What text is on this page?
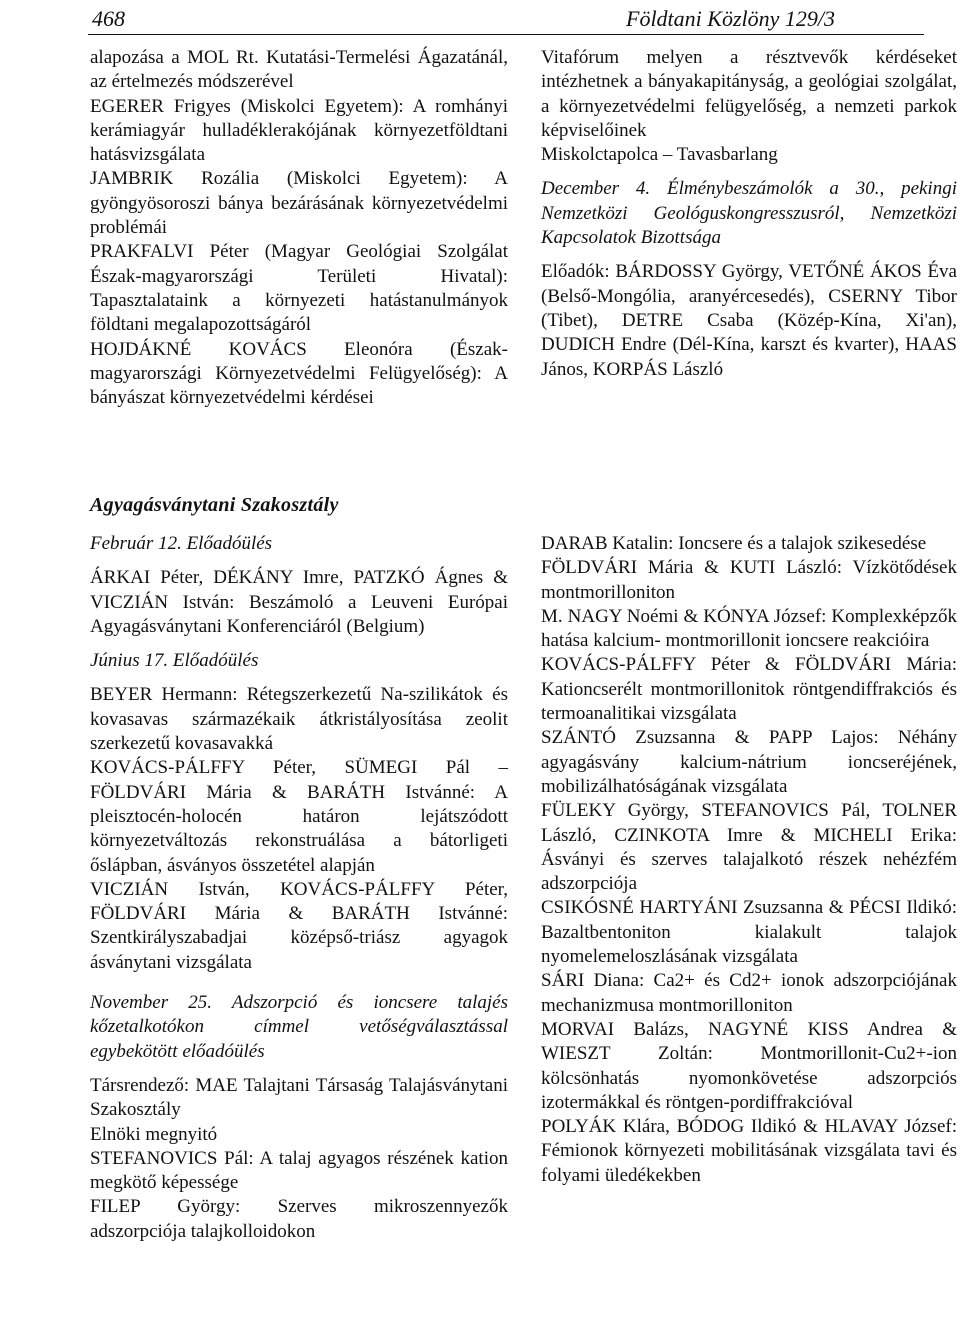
468	Földtani Közlöny 129/3

alapozása a MOL Rt. Kutatási-Termelési Ágazatánál, az értelmezés módszerével

EGERER Frigyes (Miskolci Egyetem): A romhányi kerámiagyár hulladéklerakójának környezetföldtani hatásvizsgálata

JAMBRIK Rozália (Miskolci Egyetem): A gyöngyösoroszi bánya bezárásának környezetvédelmi problémái

PRAKFALVI Péter (Magyar Geológiai Szolgálat Észak-magyarországi Területi Hivatal): Tapasztalataink a környezeti hatástanulmányok földtani megalapozottságáról

HOJDÁKNÉ KOVÁCS Eleonóra (Észak-magyarországi Környezetvédelmi Felügyelőség): A bányászat környezetvédelmi kérdései

Vitafórum melyen a résztvevők kérdéseket intézhetnek a bányakapitányság, a geológiai szolgálat, a környezetvédelmi felügyelőség, a nemzeti parkok képviselőinek

Miskolctapolca – Tavasbarlang

December 4. Élménybeszámolók a 30., pekingi Nemzetközi Geológuskongresszusról, Nemzetközi Kapcsolatok Bizottsága

Előadók: BÁRDOSSY György, VETŐNÉ ÁKOS Éva (Belső-Mongólia, aranyércesedés), CSERNY Tibor (Tibet), DETRE Csaba (Közép-Kína, Xi'an), DUDICH Endre (Dél-Kína, karszt és kvarter), HAAS János, KORPÁS László

Agyagásványtani Szakosztály

Február 12. Előadóülés

ÁRKAI Péter, DÉKÁNY Imre, PATZKÓ Ágnes & VICZIÁN István: Beszámoló a Leuveni Európai Agyagásványtani Konferenciáról (Belgium)

Június 17. Előadóülés

BEYER Hermann: Rétegszerkezetű Na-szilikátok és kovasavas származékaik átkristályosítása zeolit szerkezetű kovasavakká

KOVÁCS-PÁLFFY Péter, SÜMEGI Pál – FÖLDVÁRI Mária & BARÁTH Istvánné: A pleisztocén-holocén határon lejátszódott környezetváltozás rekonstruálása a bátorligeti őslápban, ásványos összetétel alapján

VICZIÁN István, KOVÁCS-PÁLFFY Péter, FÖLDVÁRI Mária & BARÁTH Istvánné: Szentkirályszabadjai középső-triász agyagok ásványtani vizsgálata

November 25. Adszorpció és ioncsere talajés kőzetalkotókon címmel vetőségválasztással egybekötött előadóülés

Társrendező: MAE Talajtani Társaság Talajásványtani Szakosztály

Elnöki megnyitó

STEFANOVICS Pál: A talaj agyagos részének kation megkötő képessége

FILEP György: Szerves mikroszennyezők adszorpciója talajkolloidokon

DARAB Katalin: Ioncsere és a talajok szikesedése

FÖLDVÁRI Mária & KUTI László: Vízkötődések montmorilloniton

M. NAGY Noémi & KÓNYA József: Komplexképzők hatása kalcium- montmorillonit ioncsere reakcióira

KOVÁCS-PÁLFFY Péter & FÖLDVÁRI Mária: Kationcserélt montmorillonitok röntgendiffrakciós és termoanalitikai vizsgálata

SZÁNTÓ Zsuzsanna & PAPP Lajos: Néhány agyagásvány kalcium-nátrium ioncseréjének, mobilizálhatóságának vizsgálata

FÜLEKY György, STEFANOVICS Pál, TOLNER László, CZINKOTA Imre & MICHELI Erika: Ásványi és szerves talajalkotó részek nehézfém adszorpciója

CSIKÓSNÉ HARTYÁNI Zsuzsanna & PÉCSI Ildikó: Bazaltbentoniton kialakult talajok nyomelemeloszlásának vizsgálata

SÁRI Diana: Ca2+ és Cd2+ ionok adszorpciójának mechanizmusa montmorilloniton

MORVAI Balázs, NAGYNÉ KISS Andrea & WIESZT Zoltán: Montmorillonit-Cu2+-ion kölcsönhatás nyomonkövetése adszorpciós izotermákkal és röntgen-pordiffrakcióval

POLYÁK Klára, BÓDOG Ildikó & HLAVAY József: Fémionok környezeti mobilitásának vizsgálata tavi és folyami üledékekben
